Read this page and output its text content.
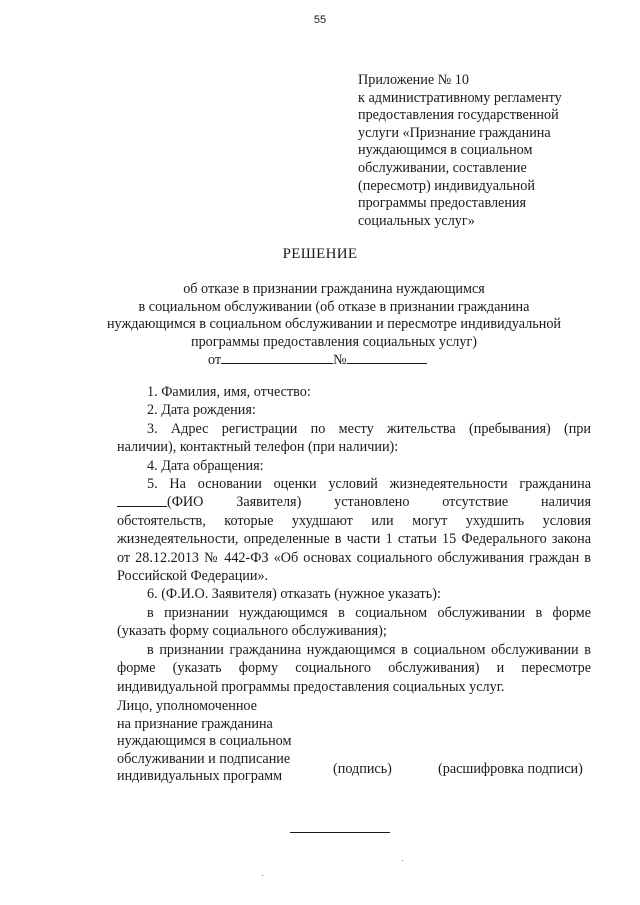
55
Приложение № 10
к административному регламенту
предоставления государственной
услуги «Признание гражданина
нуждающимся в социальном
обслуживании, составление
(пересмотр) индивидуальной
программы предоставления
социальных услуг»
РЕШЕНИЕ
об отказе в признании гражданина нуждающимся
в социальном обслуживании (об отказе в признании гражданина
нуждающимся в социальном обслуживании и пересмотре индивидуальной
программы предоставления социальных услуг)
от	№
1. Фамилия, имя, отчество:
2. Дата рождения:
3. Адрес регистрации по месту жительства (пребывания) (при
наличии), контактный телефон (при наличии):
4. Дата обращения:
5. На основании оценки условий жизнедеятельности гражданина
(ФИО Заявителя) установлено отсутствие наличия
обстоятельств, которые ухудшают или могут ухудшить условия
жизнедеятельности, определенные в части 1 статьи 15 Федерального закона
от 28.12.2013 № 442-ФЗ «Об основах социального обслуживания граждан в
Российской Федерации».
6. (Ф.И.О. Заявителя) отказать (нужное указать):
в признании нуждающимся в социальном обслуживании в форме
(указать форму социального обслуживания);
в признании гражданина нуждающимся в социальном обслуживании в
форме (указать форму социального обслуживания) и пересмотре
индивидуальной программы предоставления социальных услуг.
Лицо, уполномоченное
на признание гражданина
нуждающимся в социальном
обслуживании и подписание
индивидуальных программ	(подпись)	(расшифровка подписи)
